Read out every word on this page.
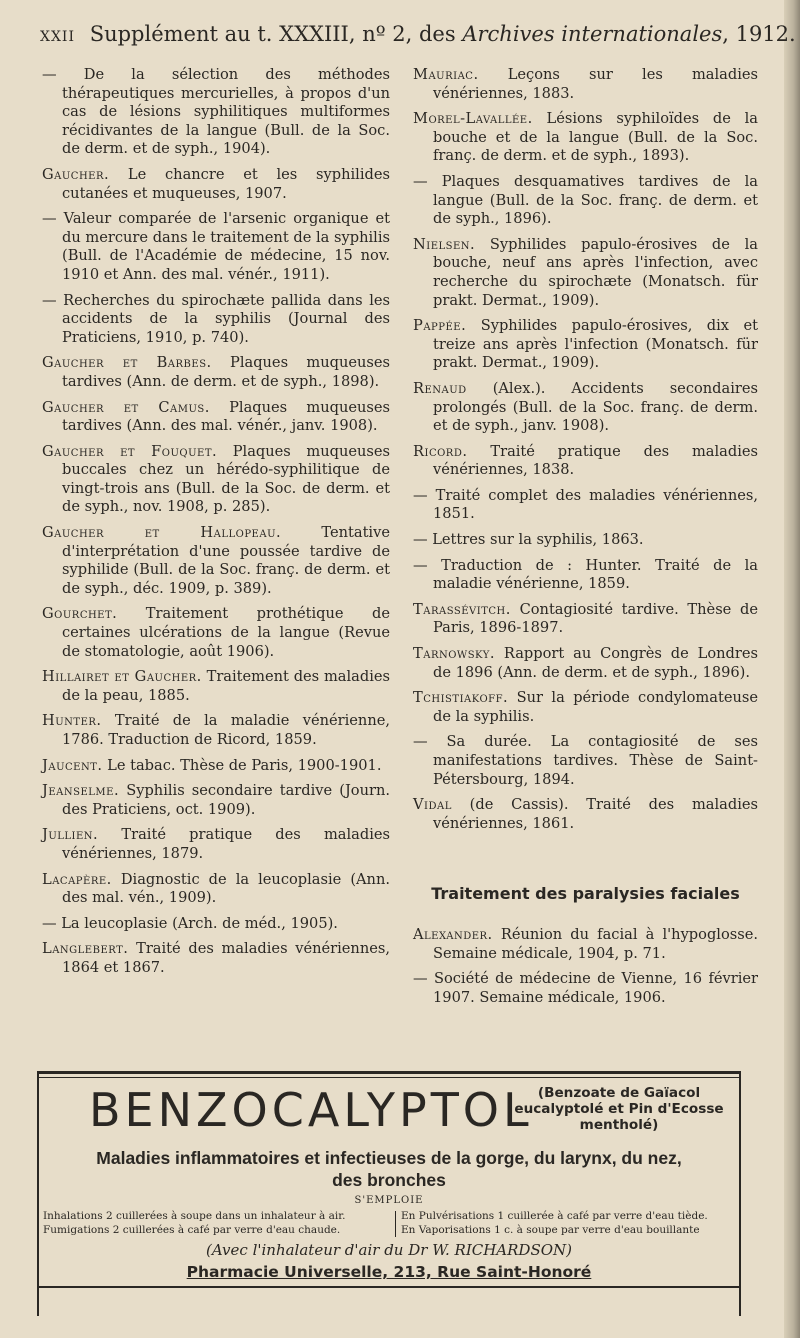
XXII Supplément au t. XXXIII, nº 2, des Archives internationales, 1912.

— De la sélection des méthodes thérapeutiques mercurielles, à propos d'un cas de lésions syphilitiques multiformes récidivantes de la langue (Bull. de la Soc. de derm. et de syph., 1904).

Gaucher. Le chancre et les syphilides cutanées et muqueuses, 1907.

— Valeur comparée de l'arsenic organique et du mercure dans le traitement de la syphilis (Bull. de l'Académie de médecine, 15 nov. 1910 et Ann. des mal. vénér., 1911).

— Recherches du spirochæte pallida dans les accidents de la syphilis (Journal des Praticiens, 1910, p. 740).

Gaucher et Barbes. Plaques muqueuses tardives (Ann. de derm. et de syph., 1898).

Gaucher et Camus. Plaques muqueuses tardives (Ann. des mal. vénér., janv. 1908).

Gaucher et Fouquet. Plaques muqueuses buccales chez un hérédo-syphilitique de vingt-trois ans (Bull. de la Soc. de derm. et de syph., nov. 1908, p. 285).

Gaucher et Hallopeau. Tentative d'interprétation d'une poussée tardive de syphilide (Bull. de la Soc. franç. de derm. et de syph., déc. 1909, p. 389).

Gourchet. Traitement prothétique de certaines ulcérations de la langue (Revue de stomatologie, août 1906).

Hillairet et Gaucher. Traitement des maladies de la peau, 1885.

Hunter. Traité de la maladie vénérienne, 1786. Traduction de Ricord, 1859.

Jaucent. Le tabac. Thèse de Paris, 1900-1901.

Jeanselme. Syphilis secondaire tardive (Journ. des Praticiens, oct. 1909).

Jullien. Traité pratique des maladies vénériennes, 1879.

Lacapère. Diagnostic de la leucoplasie (Ann. des mal. vén., 1909).

— La leucoplasie (Arch. de méd., 1905).

Langlebert. Traité des maladies vénériennes, 1864 et 1867.

Mauriac. Leçons sur les maladies vénériennes, 1883.

Morel-Lavallée. Lésions syphiloïdes de la bouche et de la langue (Bull. de la Soc. franç. de derm. et de syph., 1893).

— Plaques desquamatives tardives de la langue (Bull. de la Soc. franç. de derm. et de syph., 1896).

Nielsen. Syphilides papulo-érosives de la bouche, neuf ans après l'infection, avec recherche du spirochæte (Monatsch. für prakt. Dermat., 1909).

Pappée. Syphilides papulo-érosives, dix et treize ans après l'infection (Monatsch. für prakt. Dermat., 1909).

Renaud (Alex.). Accidents secondaires prolongés (Bull. de la Soc. franç. de derm. et de syph., janv. 1908).

Ricord. Traité pratique des maladies vénériennes, 1838.

— Traité complet des maladies vénériennes, 1851.

— Lettres sur la syphilis, 1863.

— Traduction de : Hunter. Traité de la maladie vénérienne, 1859.

Tarassévitch. Contagiosité tardive. Thèse de Paris, 1896-1897.

Tarnowsky. Rapport au Congrès de Londres de 1896 (Ann. de derm. et de syph., 1896).

Tchistiakoff. Sur la période condylomateuse de la syphilis.

— Sa durée. La contagiosité de ses manifestations tardives. Thèse de Saint-Pétersbourg, 1894.

Vidal (de Cassis). Traité des maladies vénériennes, 1861.

Traitement des paralysies faciales

Alexander. Réunion du facial à l'hypoglosse. Semaine médicale, 1904, p. 71.

— Société de médecine de Vienne, 16 février 1907. Semaine médicale, 1906.

BENZOCALYPTOL (Benzoate de Gaïacol
eucalyptolé et Pin d'Ecosse
mentholé)
Maladies inflammatoires et infectieuses de la gorge, du larynx, du nez,
des bronches
S'EMPLOIE
Inhalations 2 cuillerées à soupe dans un inhalateur à air.
Fumigations 2 cuillerées à café par verre d'eau chaude.
En Pulvérisations 1 cuillerée à café par verre d'eau tiède.
En Vaporisations 1 c. à soupe par verre d'eau bouillante
(Avec l'inhalateur d'air du Dr W. RICHARDSON)
Pharmacie Universelle, 213, Rue Saint-Honoré
